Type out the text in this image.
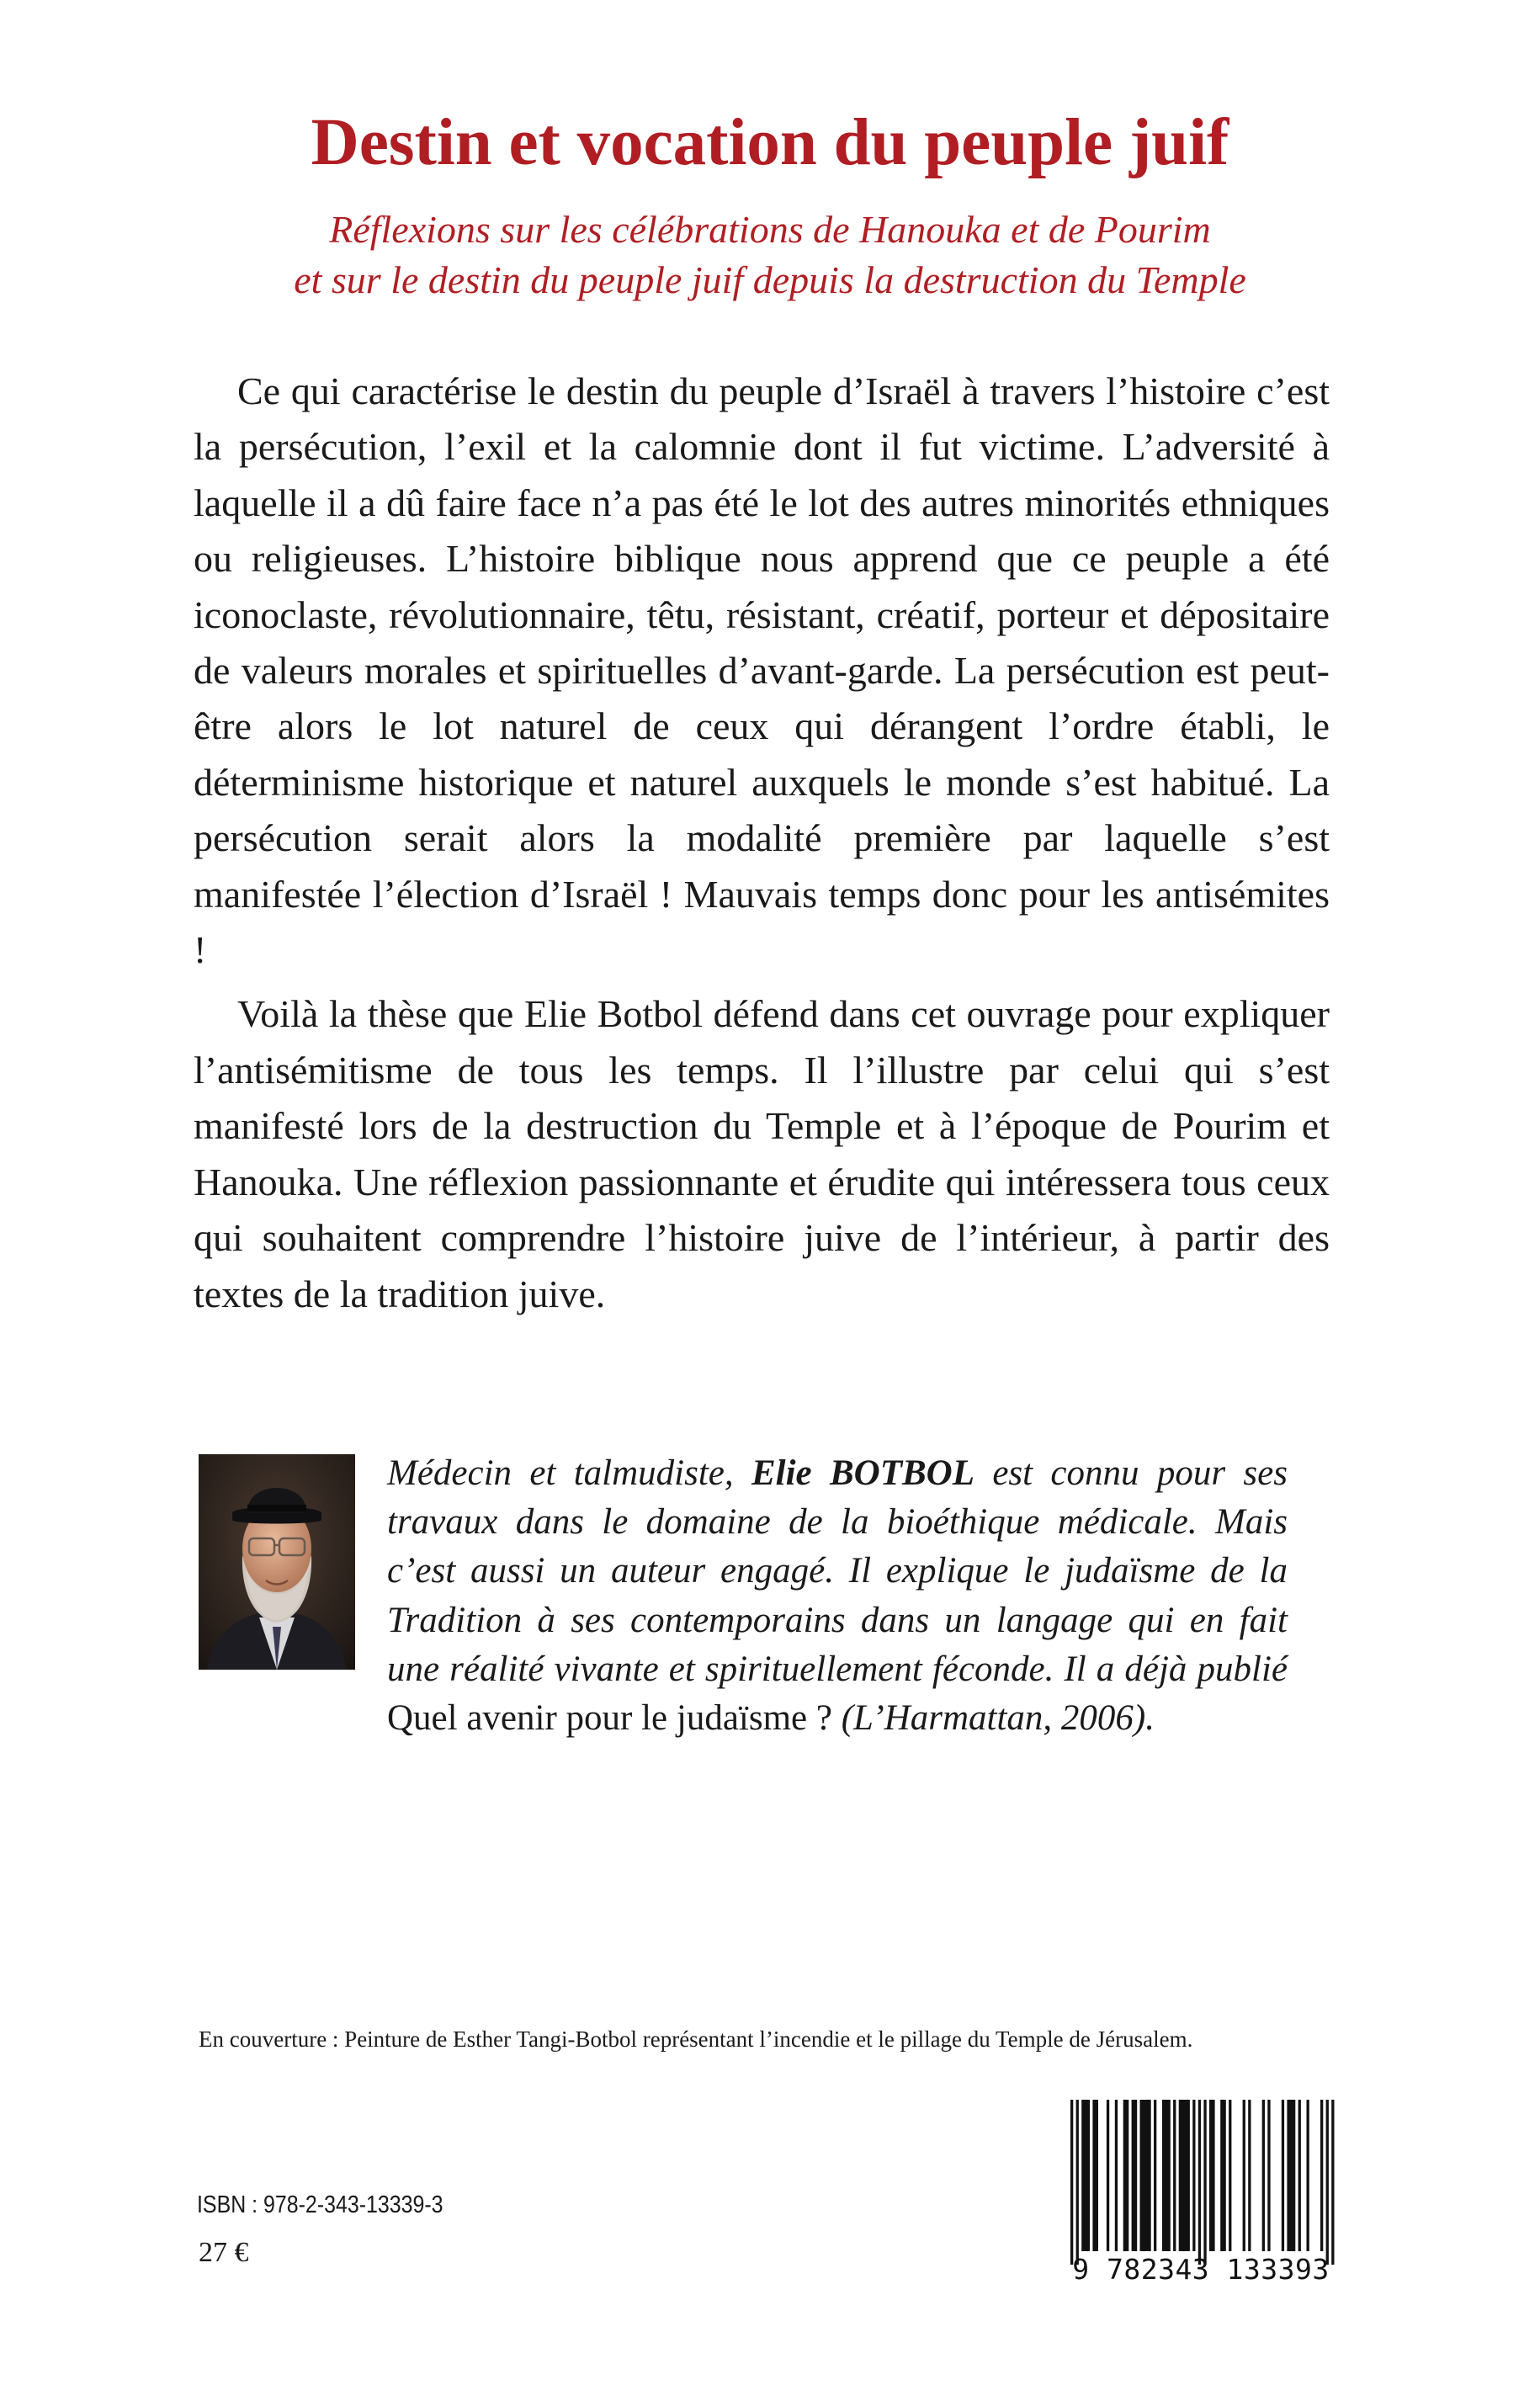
Destin et vocation du peuple juif
Réflexions sur les célébrations de Hanouka et de Pourim
et sur le destin du peuple juif depuis la destruction du Temple

Ce qui caractérise le destin du peuple d’Israël à travers l’histoire c’est la persécution, l’exil et la calomnie dont il fut victime. L’adversité à laquelle il a dû faire face n’a pas été le lot des autres minorités ethniques ou religieuses. L’histoire biblique nous apprend que ce peuple a été iconoclaste, révolutionnaire, têtu, résistant, créatif, porteur et dépositaire de valeurs morales et spirituelles d’avant-garde. La persécution est peut-être alors le lot naturel de ceux qui dérangent l’ordre établi, le déterminisme historique et naturel auxquels le monde s’est habitué. La persécution serait alors la modalité première par laquelle s’est manifestée l’élection d’Israël ! Mauvais temps donc pour les antisémites !

Voilà la thèse que Elie Botbol défend dans cet ouvrage pour expliquer l’antisémitisme de tous les temps. Il l’illustre par celui qui s’est manifesté lors de la destruction du Temple et à l’époque de Pourim et Hanouka. Une réflexion passionnante et érudite qui intéressera tous ceux qui souhaitent comprendre l’histoire juive de l’intérieur, à partir des textes de la tradition juive.

Médecin et talmudiste, Elie BOTBOL est connu pour ses travaux dans le domaine de la bioéthique médicale. Mais c’est aussi un auteur engagé. Il explique le judaïsme de la Tradition à ses contemporains dans un langage qui en fait une réalité vivante et spirituellement féconde. Il a déjà publié Quel avenir pour le judaïsme ? (L’Harmattan, 2006).
En couverture : Peinture de Esther Tangi-Botbol représentant l’incendie et le pillage du Temple de Jérusalem.
ISBN : 978-2-343-13339-3
27 €
9 782343 133393
